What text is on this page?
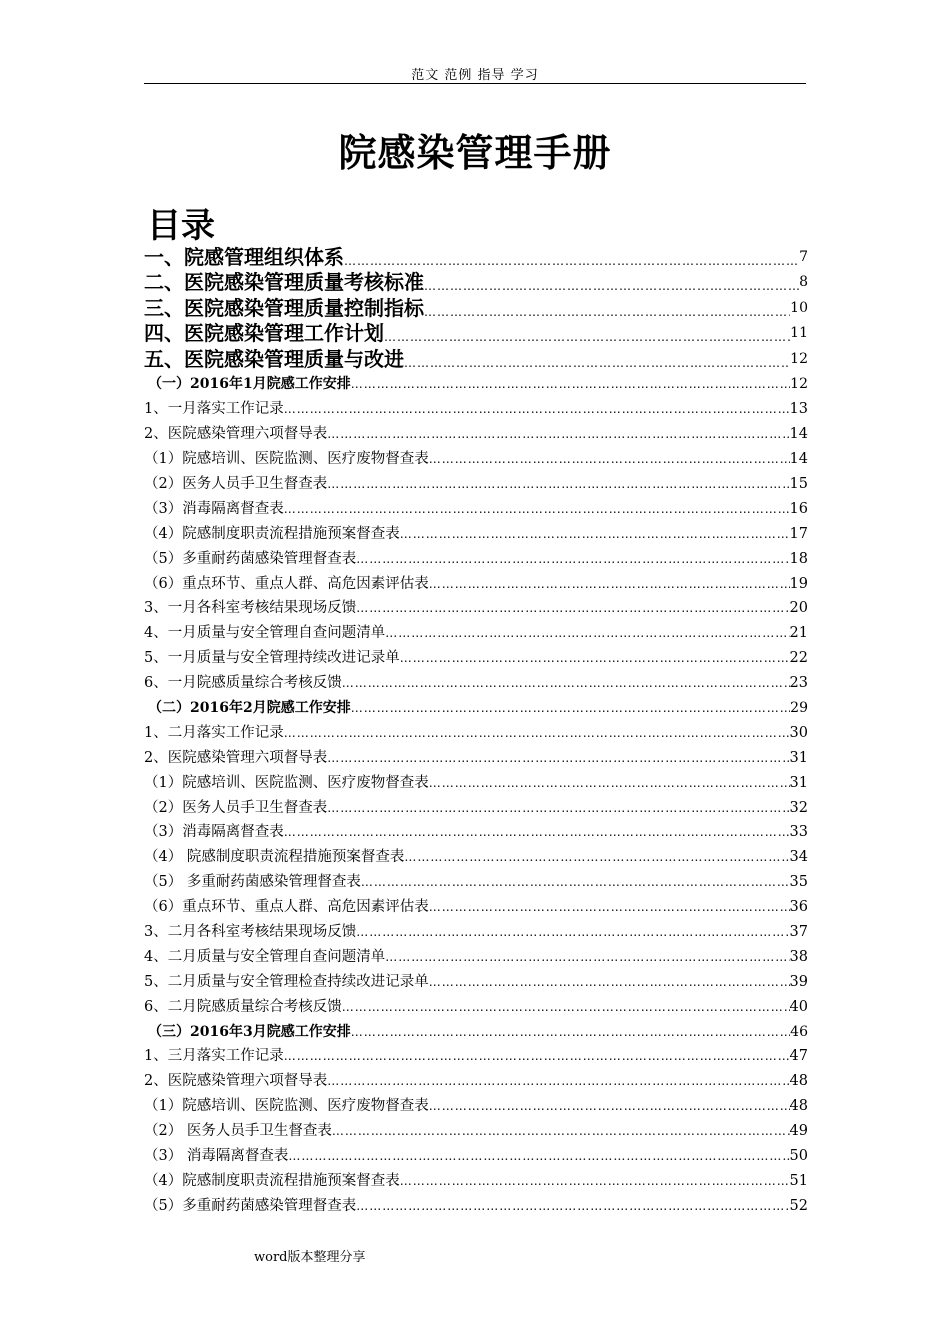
范文 范例 指导 学习
院感染管理手册
目录
一、院感管理组织体系 ………………………………………………………………………………………………………………………………………………………………………………………………………………………………………………………………	7
二、医院感染管理质量考核标准 ………………………………………………………………………………………………………………………………………………………………………………………………………………………………………………………………	8
三、医院感染管理质量控制指标 ………………………………………………………………………………………………………………………………………………………………………………………………………………………………………………………………	10
四、医院感染管理工作计划 ………………………………………………………………………………………………………………………………………………………………………………………………………………………………………………………………	11
五、医院感染管理质量与改进 ………………………………………………………………………………………………………………………………………………………………………………………………………………………………………………………………	12
（一）2016年1月院感工作安排 ………………………………………………………………………………………………………………………………………………………………………………………………………………………………………………………………	12
1、一月落实工作记录 ………………………………………………………………………………………………………………………………………………………………………………………………………………………………………………………………	13
2、医院感染管理六项督导表 ………………………………………………………………………………………………………………………………………………………………………………………………………………………………………………………………	14
（1）院感培训、医院监测、医疗废物督查表 ………………………………………………………………………………………………………………………………………………………………………………………………………………………………………………………………	14
（2）医务人员手卫生督查表 ………………………………………………………………………………………………………………………………………………………………………………………………………………………………………………………………	15
（3）消毒隔离督查表 ………………………………………………………………………………………………………………………………………………………………………………………………………………………………………………………………	16
（4）院感制度职责流程措施预案督查表 ………………………………………………………………………………………………………………………………………………………………………………………………………………………………………………………………	17
（5）多重耐药菌感染管理督查表 ………………………………………………………………………………………………………………………………………………………………………………………………………………………………………………………………	18
（6）重点环节、重点人群、高危因素评估表 ………………………………………………………………………………………………………………………………………………………………………………………………………………………………………………………………	19
3、一月各科室考核结果现场反馈 ………………………………………………………………………………………………………………………………………………………………………………………………………………………………………………………………	20
4、一月质量与安全管理自查问题清单 ………………………………………………………………………………………………………………………………………………………………………………………………………………………………………………………………	21
5、一月质量与安全管理持续改进记录单 ………………………………………………………………………………………………………………………………………………………………………………………………………………………………………………………………	22
6、一月院感质量综合考核反馈 ………………………………………………………………………………………………………………………………………………………………………………………………………………………………………………………………	23
（二）2016年2月院感工作安排 ………………………………………………………………………………………………………………………………………………………………………………………………………………………………………………………………	29
1、二月落实工作记录 ………………………………………………………………………………………………………………………………………………………………………………………………………………………………………………………………	30
2、医院感染管理六项督导表 ………………………………………………………………………………………………………………………………………………………………………………………………………………………………………………………………	31
（1）院感培训、医院监测、医疗废物督查表 ………………………………………………………………………………………………………………………………………………………………………………………………………………………………………………………………	31
（2）医务人员手卫生督查表 ………………………………………………………………………………………………………………………………………………………………………………………………………………………………………………………………	32
（3）消毒隔离督查表 ………………………………………………………………………………………………………………………………………………………………………………………………………………………………………………………………	33
（4） 院感制度职责流程措施预案督查表 ………………………………………………………………………………………………………………………………………………………………………………………………………………………………………………………………	34
（5） 多重耐药菌感染管理督查表 ………………………………………………………………………………………………………………………………………………………………………………………………………………………………………………………………	35
（6）重点环节、重点人群、高危因素评估表 ………………………………………………………………………………………………………………………………………………………………………………………………………………………………………………………………	36
3、二月各科室考核结果现场反馈 ………………………………………………………………………………………………………………………………………………………………………………………………………………………………………………………………	37
4、二月质量与安全管理自查问题清单 ………………………………………………………………………………………………………………………………………………………………………………………………………………………………………………………………	38
5、二月质量与安全管理检查持续改进记录单 ………………………………………………………………………………………………………………………………………………………………………………………………………………………………………………………………	39
6、二月院感质量综合考核反馈 ………………………………………………………………………………………………………………………………………………………………………………………………………………………………………………………………	40
（三）2016年3月院感工作安排 ………………………………………………………………………………………………………………………………………………………………………………………………………………………………………………………………	46
1、三月落实工作记录 ………………………………………………………………………………………………………………………………………………………………………………………………………………………………………………………………	47
2、医院感染管理六项督导表 ………………………………………………………………………………………………………………………………………………………………………………………………………………………………………………………………	48
（1）院感培训、医院监测、医疗废物督查表 ………………………………………………………………………………………………………………………………………………………………………………………………………………………………………………………………	48
（2） 医务人员手卫生督查表 ………………………………………………………………………………………………………………………………………………………………………………………………………………………………………………………………	49
（3） 消毒隔离督查表 ………………………………………………………………………………………………………………………………………………………………………………………………………………………………………………………………	50
（4）院感制度职责流程措施预案督查表 ………………………………………………………………………………………………………………………………………………………………………………………………………………………………………………………………	51
（5）多重耐药菌感染管理督查表 ………………………………………………………………………………………………………………………………………………………………………………………………………………………………………………………………	52
word版本整理分享
